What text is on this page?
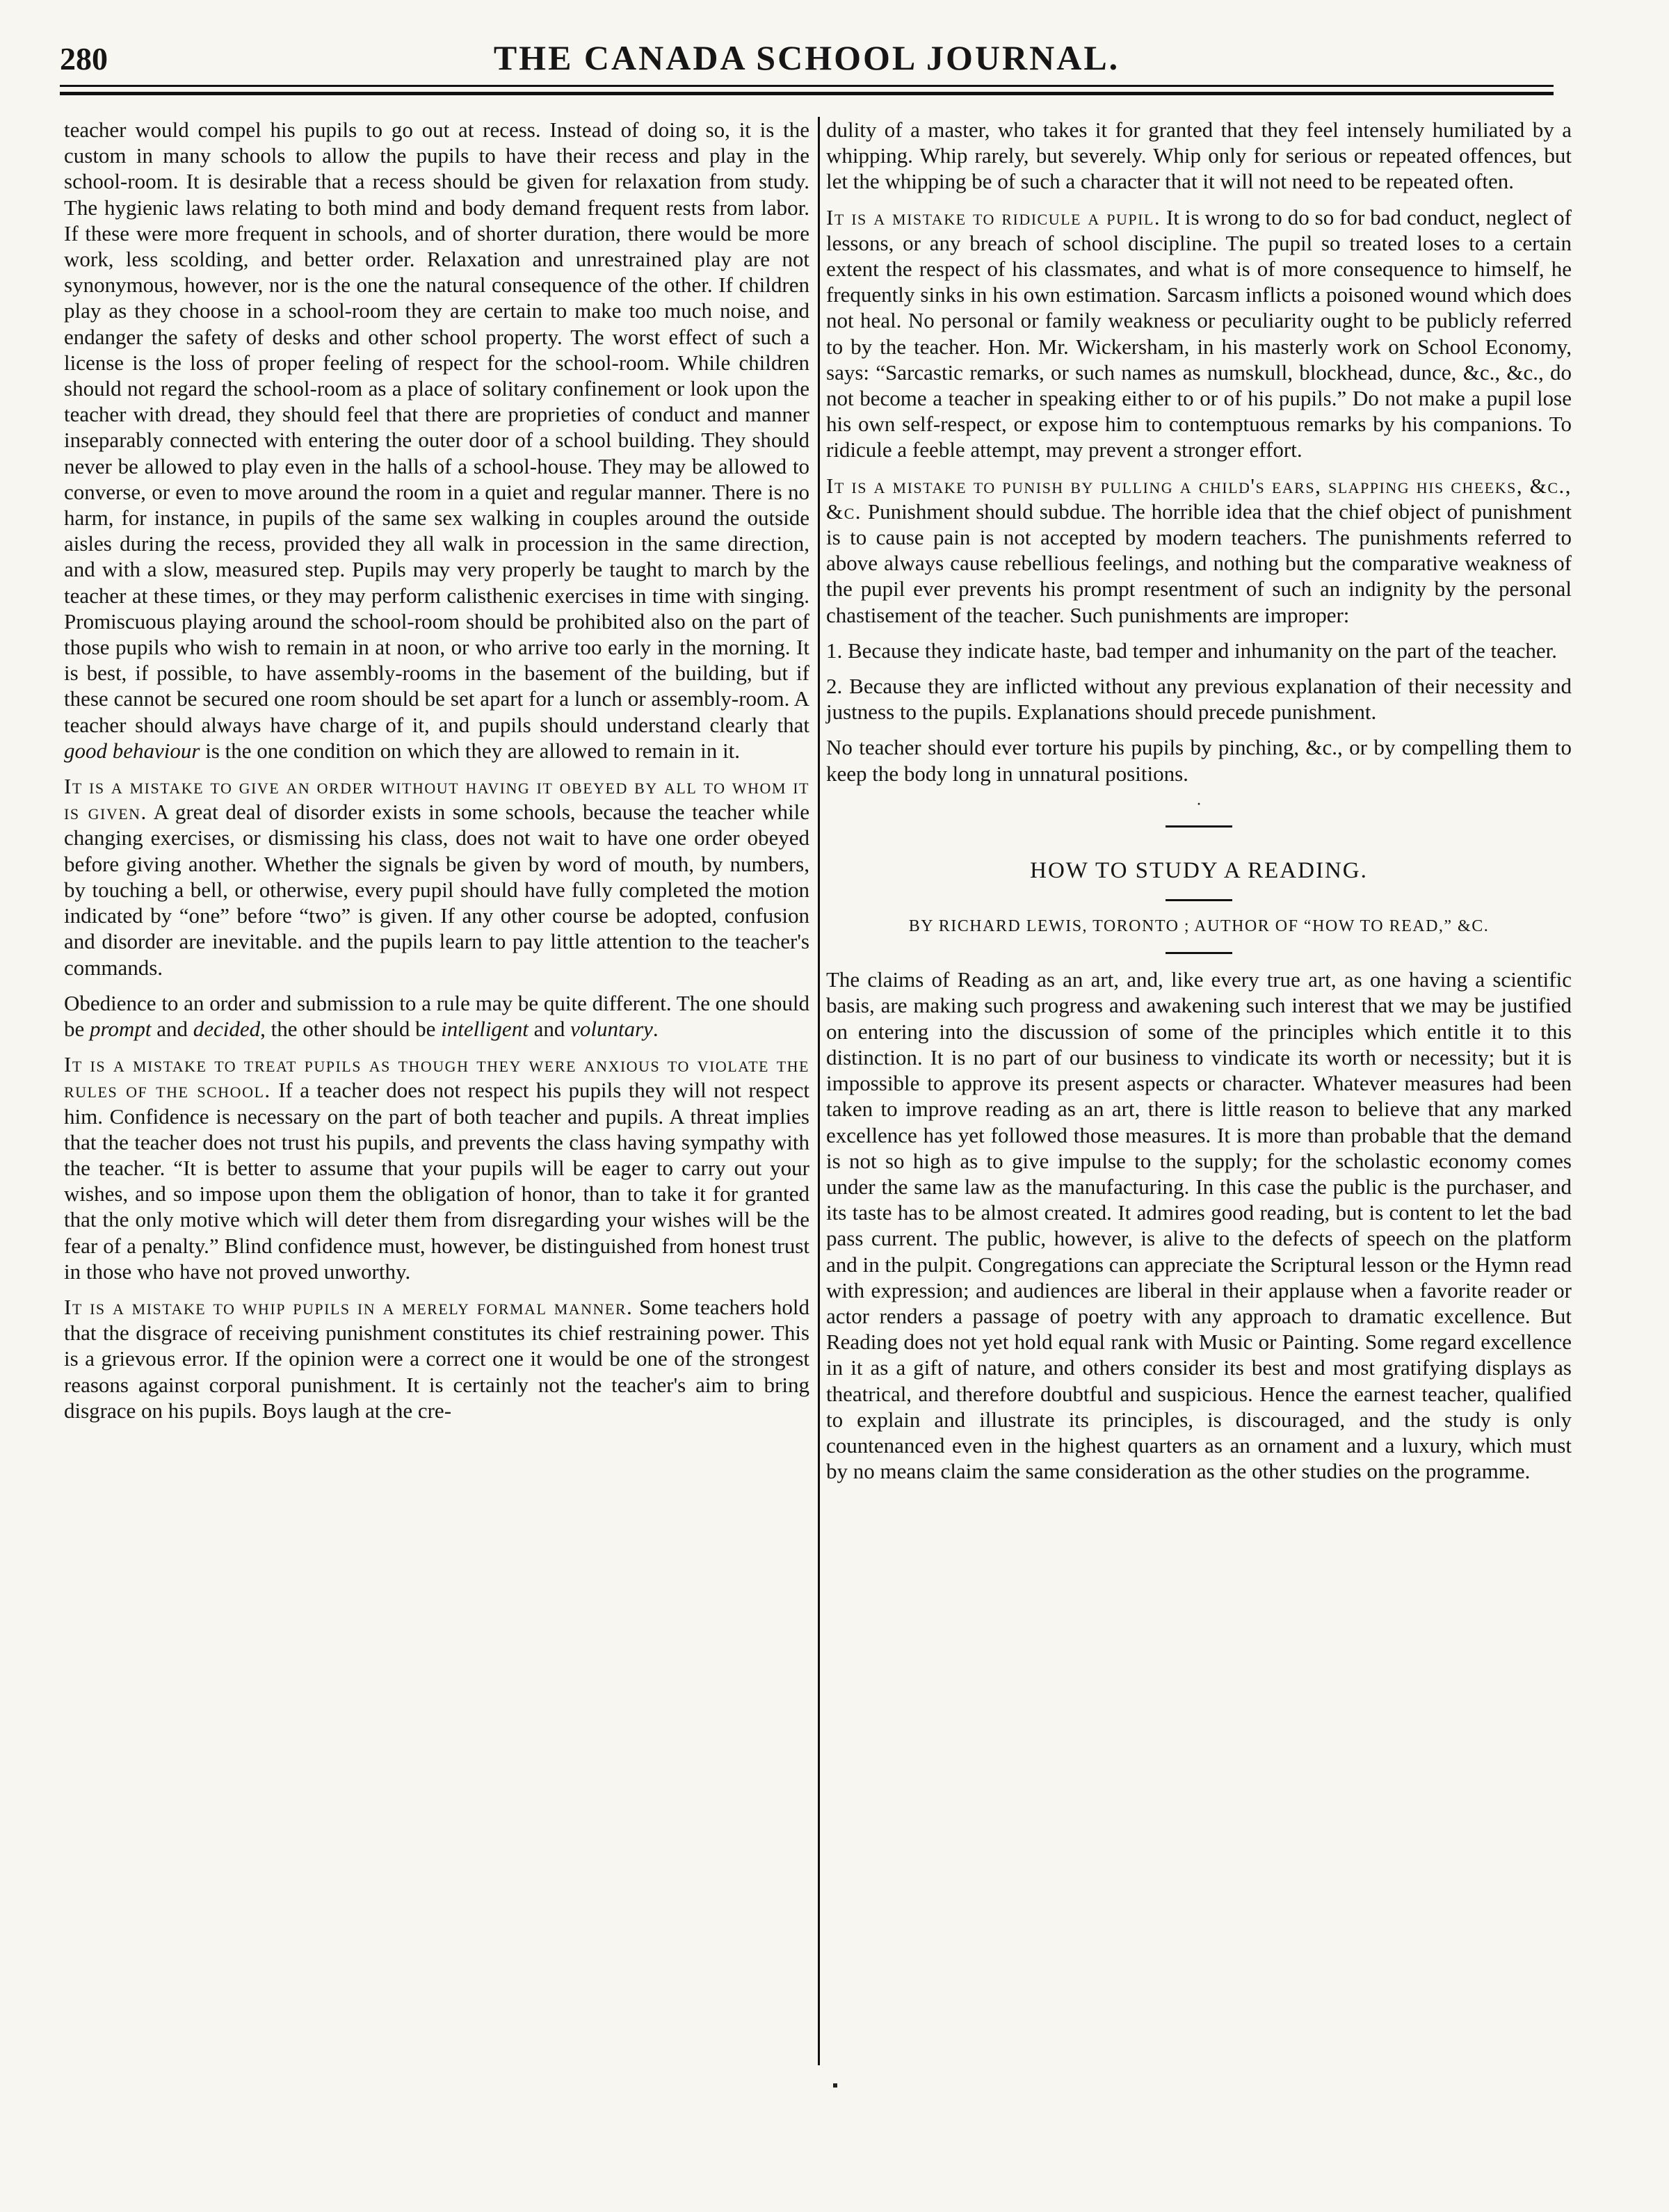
THE CANADA SCHOOL JOURNAL.
280

teacher would compel his pupils to go out at recess. Instead of doing so, it is the custom in many schools to allow the pupils to have their recess and play in the school-room. It is desirable that a recess should be given for relaxation from study. The hygienic laws relating to both mind and body demand frequent rests from labor. If these were more frequent in schools, and of shorter duration, there would be more work, less scolding, and better order. Relaxation and unrestrained play are not synonymous, however, nor is the one the natural consequence of the other. If children play as they choose in a school-room they are certain to make too much noise, and endanger the safety of desks and other school property. The worst effect of such a license is the loss of proper feeling of respect for the school-room. While children should not regard the school-room as a place of solitary confinement or look upon the teacher with dread, they should feel that there are proprieties of conduct and manner inseparably connected with entering the outer door of a school building. They should never be allowed to play even in the halls of a school-house. They may be allowed to converse, or even to move around the room in a quiet and regular manner. There is no harm, for instance, in pupils of the same sex walking in couples around the outside aisles during the recess, provided they all walk in procession in the same direction, and with a slow, measured step. Pupils may very properly be taught to march by the teacher at these times, or they may perform calisthenic exercises in time with singing. Promiscuous playing around the school-room should be prohibited also on the part of those pupils who wish to remain in at noon, or who arrive too early in the morning. It is best, if possible, to have assembly-rooms in the basement of the building, but if these cannot be secured one room should be set apart for a lunch or assembly-room. A teacher should always have charge of it, and pupils should understand clearly that good behaviour is the one condition on which they are allowed to remain in it.

It is a mistake to give an order without having it obeyed by all to whom it is given. A great deal of disorder exists in some schools, because the teacher while changing exercises, or dismissing his class, does not wait to have one order obeyed before giving another. Whether the signals be given by word of mouth, by numbers, by touching a bell, or otherwise, every pupil should have fully completed the motion indicated by “one” before “two” is given. If any other course be adopted, confusion and disorder are inevitable. and the pupils learn to pay little attention to the teacher's commands.

Obedience to an order and submission to a rule may be quite different. The one should be prompt and decided, the other should be intelligent and voluntary.

It is a mistake to treat pupils as though they were anxious to violate the rules of the school. If a teacher does not respect his pupils they will not respect him. Confidence is necessary on the part of both teacher and pupils. A threat implies that the teacher does not trust his pupils, and prevents the class having sympathy with the teacher. “It is better to assume that your pupils will be eager to carry out your wishes, and so impose upon them the obligation of honor, than to take it for granted that the only motive which will deter them from disregarding your wishes will be the fear of a penalty.” Blind confidence must, however, be distinguished from honest trust in those who have not proved unworthy.

It is a mistake to whip pupils in a merely formal manner. Some teachers hold that the disgrace of receiving punishment constitutes its chief restraining power. This is a grievous error. If the opinion were a correct one it would be one of the strongest reasons against corporal punishment. It is certainly not the teacher's aim to bring disgrace on his pupils. Boys laugh at the cre-

dulity of a master, who takes it for granted that they feel intensely humiliated by a whipping. Whip rarely, but severely. Whip only for serious or repeated offences, but let the whipping be of such a character that it will not need to be repeated often.

It is a mistake to ridicule a pupil. It is wrong to do so for bad conduct, neglect of lessons, or any breach of school discipline. The pupil so treated loses to a certain extent the respect of his classmates, and what is of more consequence to himself, he frequently sinks in his own estimation. Sarcasm inflicts a poisoned wound which does not heal. No personal or family weakness or peculiarity ought to be publicly referred to by the teacher. Hon. Mr. Wickersham, in his masterly work on School Economy, says: “Sarcastic remarks, or such names as numskull, blockhead, dunce, &c., &c., do not become a teacher in speaking either to or of his pupils.” Do not make a pupil lose his own self-respect, or expose him to contemptuous remarks by his companions. To ridicule a feeble attempt, may prevent a stronger effort.

It is a mistake to punish by pulling a child's ears, slapping his cheeks, &c., &c. Punishment should subdue. The horrible idea that the chief object of punishment is to cause pain is not accepted by modern teachers. The punishments referred to above always cause rebellious feelings, and nothing but the comparative weakness of the pupil ever prevents his prompt resentment of such an indignity by the personal chastisement of the teacher. Such punishments are improper:

1. Because they indicate haste, bad temper and inhumanity on the part of the teacher.

2. Because they are inflicted without any previous explanation of their necessity and justness to the pupils. Explanations should precede punishment.

No teacher should ever torture his pupils by pinching, &c., or by compelling them to keep the body long in unnatural positions.

·
HOW TO STUDY A READING.
BY RICHARD LEWIS, TORONTO ; AUTHOR OF “HOW TO READ,” &C.

The claims of Reading as an art, and, like every true art, as one having a scientific basis, are making such progress and awakening such interest that we may be justified on entering into the discussion of some of the principles which entitle it to this distinction. It is no part of our business to vindicate its worth or necessity; but it is impossible to approve its present aspects or character. Whatever measures had been taken to improve reading as an art, there is little reason to believe that any marked excellence has yet followed those measures. It is more than probable that the demand is not so high as to give impulse to the supply; for the scholastic economy comes under the same law as the manufacturing. In this case the public is the purchaser, and its taste has to be almost created. It admires good reading, but is content to let the bad pass current. The public, however, is alive to the defects of speech on the platform and in the pulpit. Congregations can appreciate the Scriptural lesson or the Hymn read with expression; and audiences are liberal in their applause when a favorite reader or actor renders a passage of poetry with any approach to dramatic excellence. But Reading does not yet hold equal rank with Music or Painting. Some regard excellence in it as a gift of nature, and others consider its best and most gratifying displays as theatrical, and therefore doubtful and suspicious. Hence the earnest teacher, qualified to explain and illustrate its principles, is discouraged, and the study is only countenanced even in the highest quarters as an ornament and a luxury, which must by no means claim the same consideration as the other studies on the programme.
